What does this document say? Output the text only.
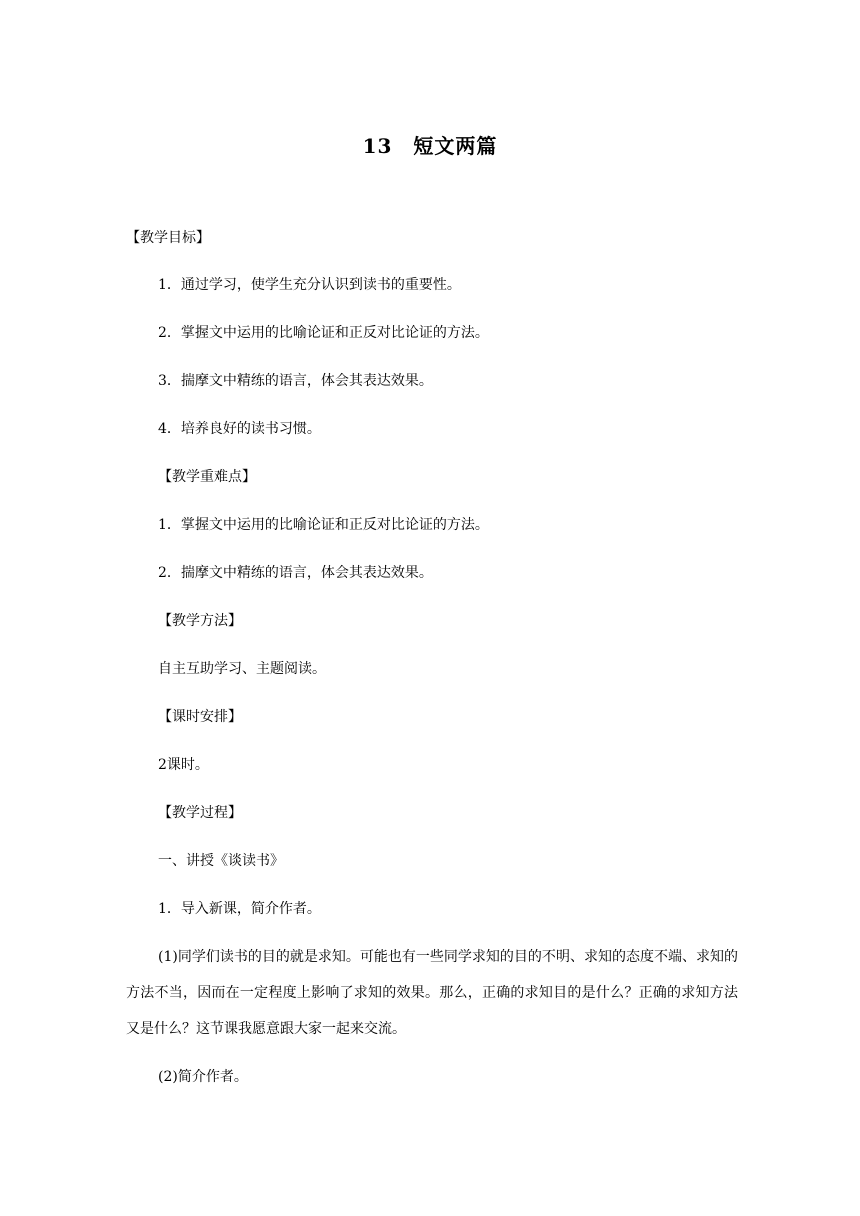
13　短文两篇
【教学目标】
1．通过学习，使学生充分认识到读书的重要性。
2．掌握文中运用的比喻论证和正反对比论证的方法。
3．揣摩文中精练的语言，体会其表达效果。
4．培养良好的读书习惯。
【教学重难点】
1．掌握文中运用的比喻论证和正反对比论证的方法。
2．揣摩文中精练的语言，体会其表达效果。
【教学方法】
自主互助学习、主题阅读。
【课时安排】
2课时。
【教学过程】
一、讲授《谈读书》
1．导入新课，简介作者。
(1)同学们读书的目的就是求知。可能也有一些同学求知的目的不明、求知的态度不端、求知的方法不当，因而在一定程度上影响了求知的效果。那么，正确的求知目的是什么？正确的求知方法又是什么？这节课我愿意跟大家一起来交流。
(2)简介作者。
